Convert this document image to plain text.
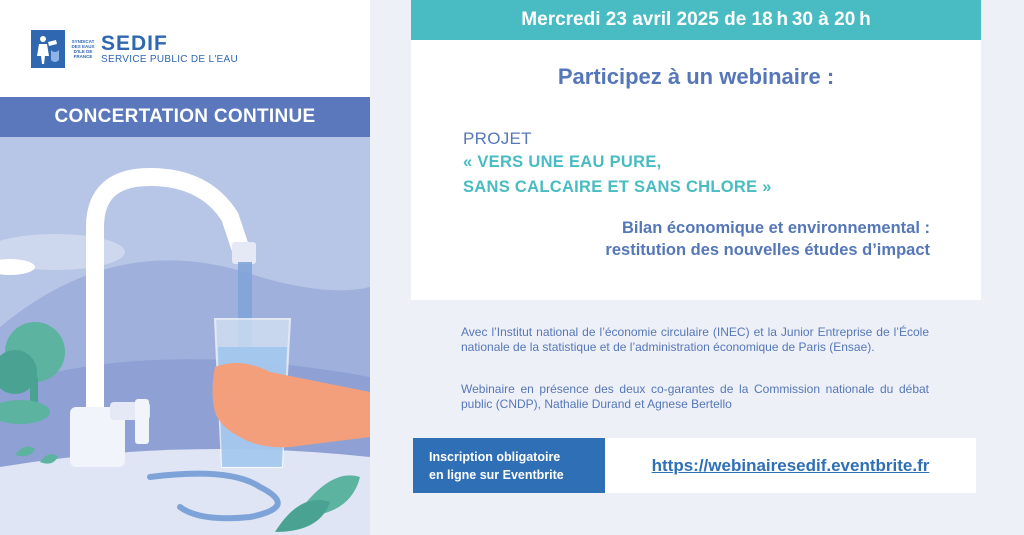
SYNDICAT DES EAUX D'ILE DE FRANCE
SEDIF
SERVICE PUBLIC DE L'EAU
CONCERTATION CONTINUE
Mercredi 23 avril 2025 de 18 h 30 à 20 h
Participez à un webinaire :
PROJET
« VERS UNE EAU PURE,
SANS CALCAIRE ET SANS CHLORE »
Bilan économique et environnemental :
restitution des nouvelles études d’impact
Avec l’Institut national de l’économie circulaire (INEC) et la Junior Entreprise de l’École nationale de la statistique et de l’administration économique de Paris (Ensae).
Webinaire en présence des deux co-garantes de la Commission nationale du débat public (CNDP), Nathalie Durand et Agnese Bertello
Inscription obligatoire
en ligne sur Eventbrite	https://webinairesedif.eventbrite.fr
